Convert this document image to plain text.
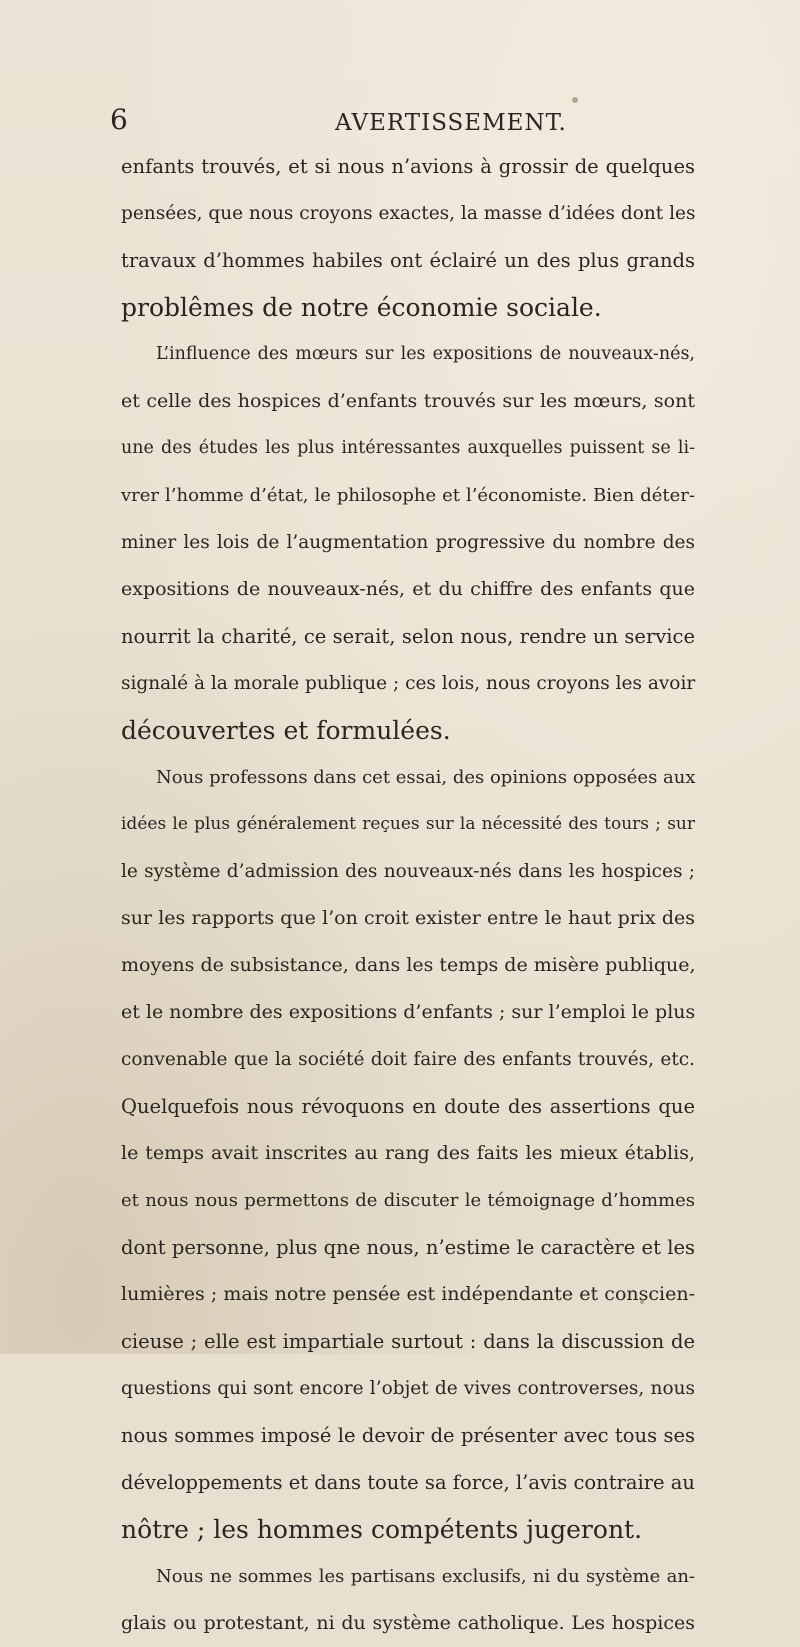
6	AVERTISSEMENT.
enfants trouvés, et si nous n’avions à grossir de quelques
pensées, que nous croyons exactes, la masse d’idées dont les
travaux d’hommes habiles ont éclairé un des plus grands
problêmes de notre économie sociale.
L’influence des mœurs sur les expositions de nouveaux-nés,
et celle des hospices d’enfants trouvés sur les mœurs, sont
une des études les plus intéressantes auxquelles puissent se li-
vrer l’homme d’état, le philosophe et l’économiste. Bien déter-
miner les lois de l’augmentation progressive du nombre des
expositions de nouveaux-nés, et du chiffre des enfants que
nourrit la charité, ce serait, selon nous, rendre un service
signalé à la morale publique ; ces lois, nous croyons les avoir
découvertes et formulées.
Nous professons dans cet essai, des opinions opposées aux
idées le plus généralement reçues sur la nécessité des tours ; sur
le système d’admission des nouveaux-nés dans les hospices ;
sur les rapports que l’on croit exister entre le haut prix des
moyens de subsistance, dans les temps de misère publique,
et le nombre des expositions d’enfants ; sur l’emploi le plus
convenable que la société doit faire des enfants trouvés, etc.
Quelquefois nous révoquons en doute des assertions que
le temps avait inscrites au rang des faits les mieux établis,
et nous nous permettons de discuter le témoignage d’hommes
dont personne, plus qne nous, n’estime le caractère et les
lumières ; mais notre pensée est indépendante et conscien-
cieuse ; elle est impartiale surtout : dans la discussion de
questions qui sont encore l’objet de vives controverses, nous
nous sommes imposé le devoir de présenter avec tous ses
développements et dans toute sa force, l’avis contraire au
nôtre ; les hommes compétents jugeront.
Nous ne sommes les partisans exclusifs, ni du système an-
glais ou protestant, ni du système catholique. Les hospices
